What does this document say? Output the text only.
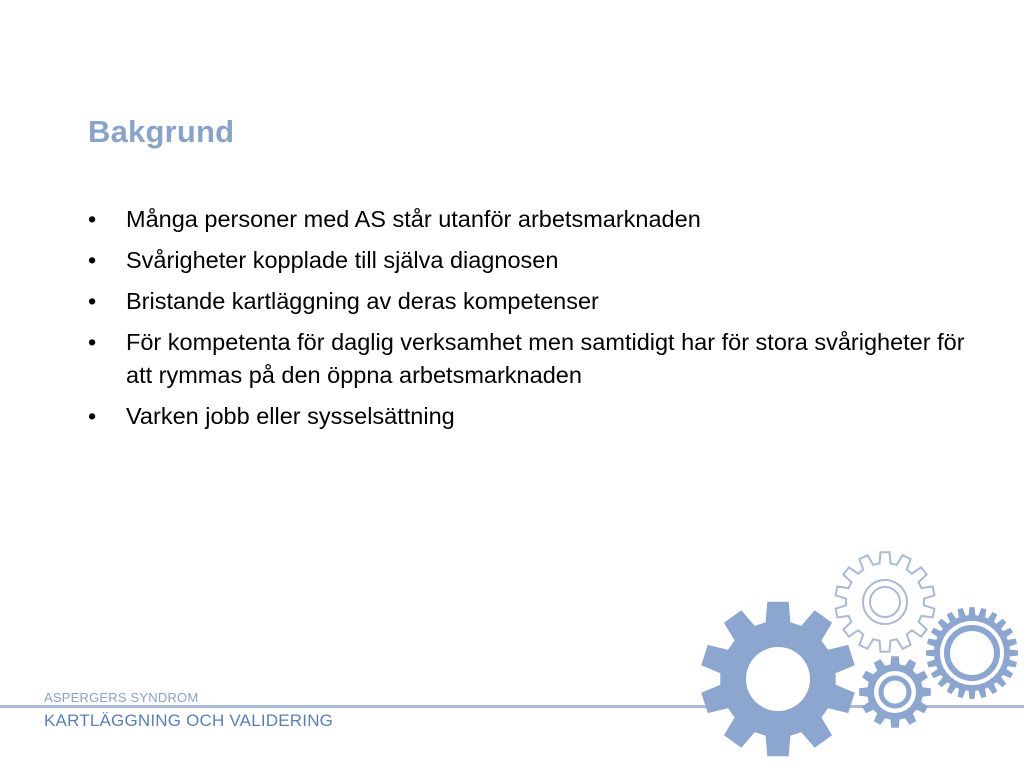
Bakgrund
• Många personer med AS står utanför arbetsmarknaden
• Svårigheter kopplade till själva diagnosen
• Bristande kartläggning av deras kompetenser
• För kompetenta för daglig verksamhet men samtidigt har för stora svårigheter för att rymmas på den öppna arbetsmarknaden
• Varken jobb eller sysselsättning
ASPERGERS SYNDROM
KARTLÄGGNING OCH VALIDERING
